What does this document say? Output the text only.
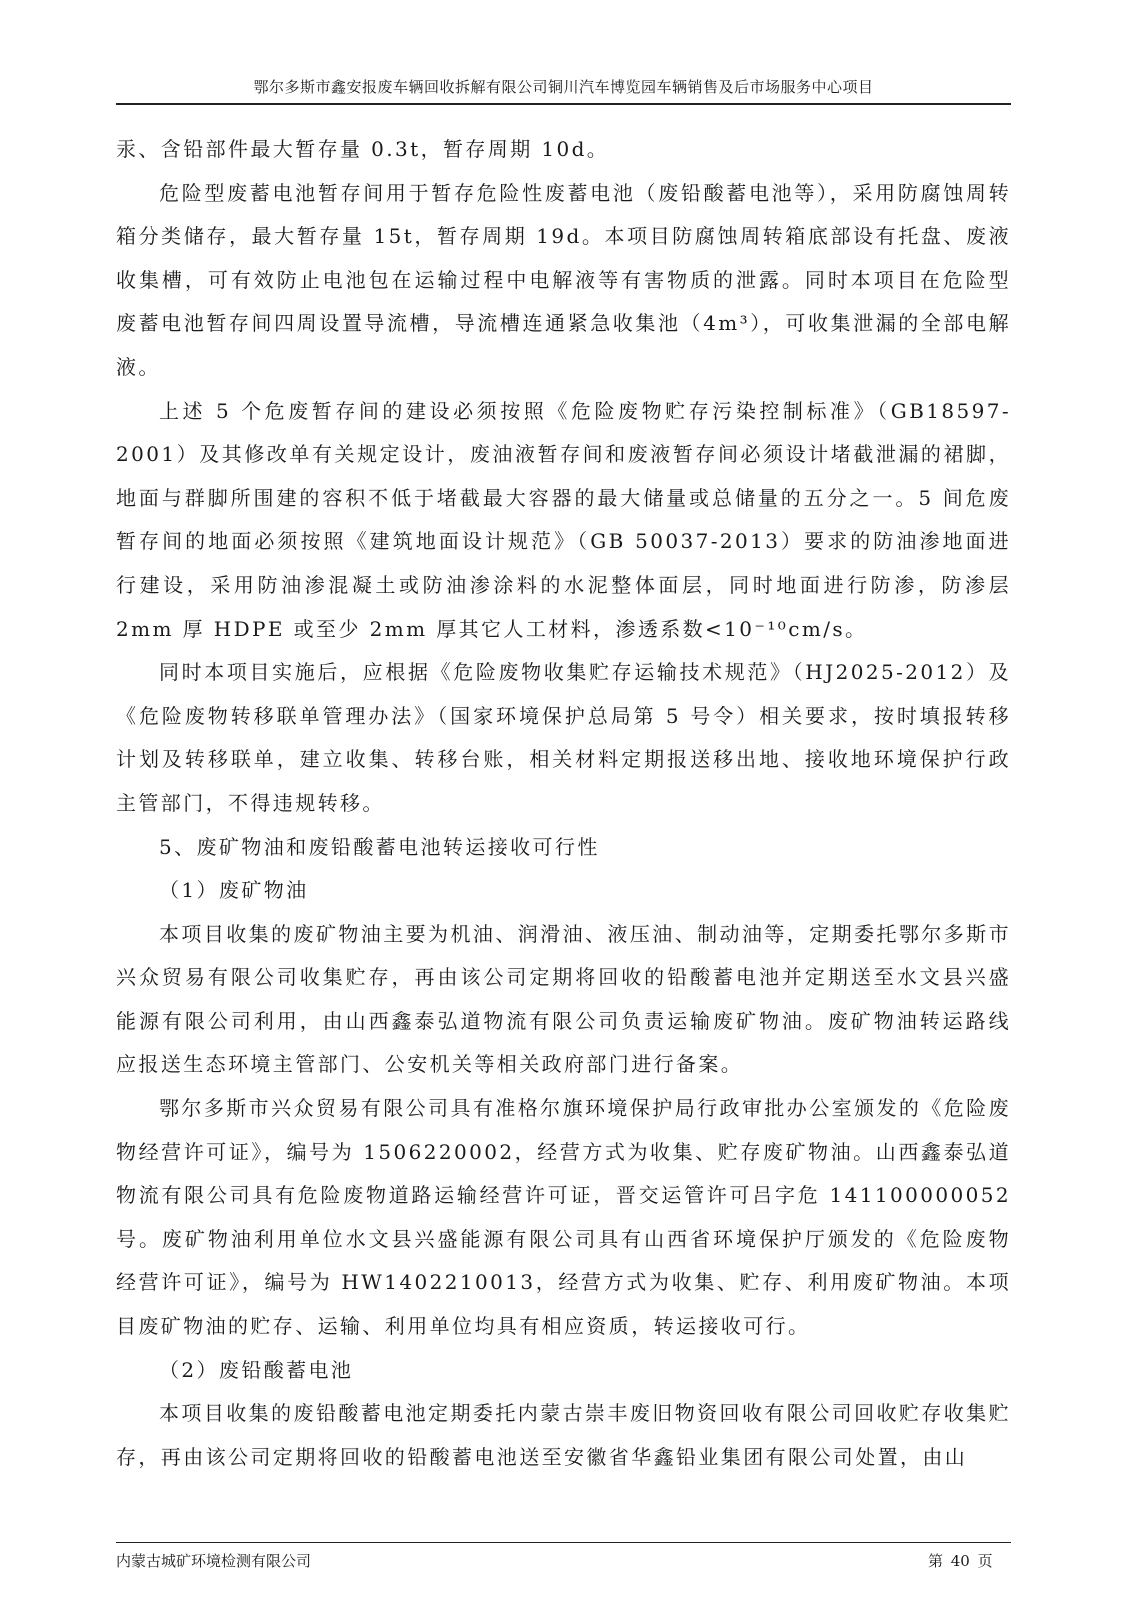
鄂尔多斯市鑫安报废车辆回收拆解有限公司铜川汽车博览园车辆销售及后市场服务中心项目

汞、含铅部件最大暂存量 0.3t，暂存周期 10d。

危险型废蓄电池暂存间用于暂存危险性废蓄电池（废铅酸蓄电池等），采用防腐蚀周转箱分类储存，最大暂存量 15t，暂存周期 19d。本项目防腐蚀周转箱底部设有托盘、废液收集槽，可有效防止电池包在运输过程中电解液等有害物质的泄露。同时本项目在危险型废蓄电池暂存间四周设置导流槽，导流槽连通紧急收集池（4m³），可收集泄漏的全部电解液。

上述 5 个危废暂存间的建设必须按照《危险废物贮存污染控制标准》（GB18597-2001）及其修改单有关规定设计，废油液暂存间和废液暂存间必须设计堵截泄漏的裙脚，地面与群脚所围建的容积不低于堵截最大容器的最大储量或总储量的五分之一。5 间危废暂存间的地面必须按照《建筑地面设计规范》（GB 50037-2013）要求的防油渗地面进行建设，采用防油渗混凝土或防油渗涂料的水泥整体面层，同时地面进行防渗，防渗层 2mm 厚 HDPE 或至少 2mm 厚其它人工材料，渗透系数<10⁻¹⁰cm/s。

同时本项目实施后，应根据《危险废物收集贮存运输技术规范》（HJ2025-2012）及《危险废物转移联单管理办法》（国家环境保护总局第 5 号令）相关要求，按时填报转移计划及转移联单，建立收集、转移台账，相关材料定期报送移出地、接收地环境保护行政主管部门，不得违规转移。

5、废矿物油和废铅酸蓄电池转运接收可行性

（1）废矿物油

本项目收集的废矿物油主要为机油、润滑油、液压油、制动油等，定期委托鄂尔多斯市兴众贸易有限公司收集贮存，再由该公司定期将回收的铅酸蓄电池并定期送至水文县兴盛能源有限公司利用，由山西鑫泰弘道物流有限公司负责运输废矿物油。废矿物油转运路线应报送生态环境主管部门、公安机关等相关政府部门进行备案。

鄂尔多斯市兴众贸易有限公司具有准格尔旗环境保护局行政审批办公室颁发的《危险废物经营许可证》，编号为 1506220002，经营方式为收集、贮存废矿物油。山西鑫泰弘道物流有限公司具有危险废物道路运输经营许可证，晋交运管许可吕字危 141100000052 号。废矿物油利用单位水文县兴盛能源有限公司具有山西省环境保护厅颁发的《危险废物经营许可证》，编号为 HW1402210013，经营方式为收集、贮存、利用废矿物油。本项目废矿物油的贮存、运输、利用单位均具有相应资质，转运接收可行。

（2）废铅酸蓄电池

本项目收集的废铅酸蓄电池定期委托内蒙古崇丰废旧物资回收有限公司回收贮存收集贮存，再由该公司定期将回收的铅酸蓄电池送至安徽省华鑫铅业集团有限公司处置，由山

内蒙古城矿环境检测有限公司	第 40 页
